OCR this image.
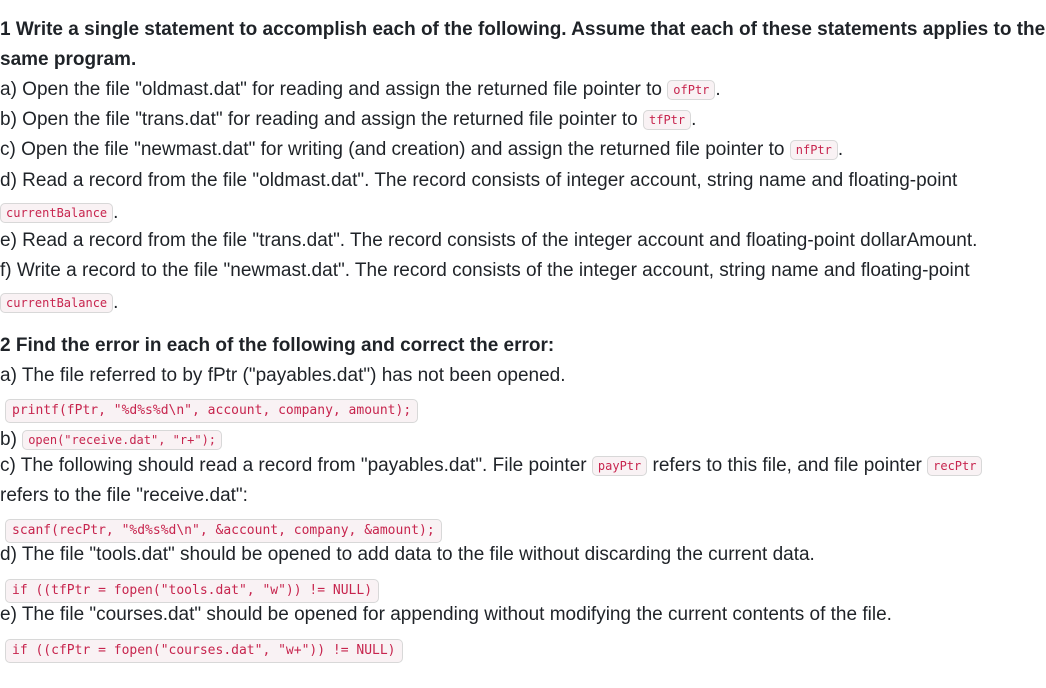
1 Write a single statement to accomplish each of the following. Assume that each of these statements applies to the
same program.
a) Open the file "oldmast.dat" for reading and assign the returned file pointer to ofPtr .
b) Open the file "trans.dat" for reading and assign the returned file pointer to tfPtr .
c) Open the file "newmast.dat" for writing (and creation) and assign the returned file pointer to nfPtr .
d) Read a record from the file "oldmast.dat". The record consists of integer account, string name and floating-point
currentBalance .
e) Read a record from the file "trans.dat". The record consists of the integer account and floating-point dollarAmount.
f) Write a record to the file "newmast.dat". The record consists of the integer account, string name and floating-point
currentBalance .
2 Find the error in each of the following and correct the error:
a) The file referred to by fPtr ("payables.dat") has not been opened.
printf(fPtr, "%d%s%d\n", account, company, amount);
b) open("receive.dat", "r+");
c) The following should read a record from "payables.dat". File pointer payPtr refers to this file, and file pointer recPtr
refers to the file "receive.dat":
scanf(recPtr, "%d%s%d\n", &account, company, &amount);
d) The file "tools.dat" should be opened to add data to the file without discarding the current data.
if ((tfPtr = fopen("tools.dat", "w")) != NULL)
e) The file "courses.dat" should be opened for appending without modifying the current contents of the file.
if ((cfPtr = fopen("courses.dat", "w+")) != NULL)
